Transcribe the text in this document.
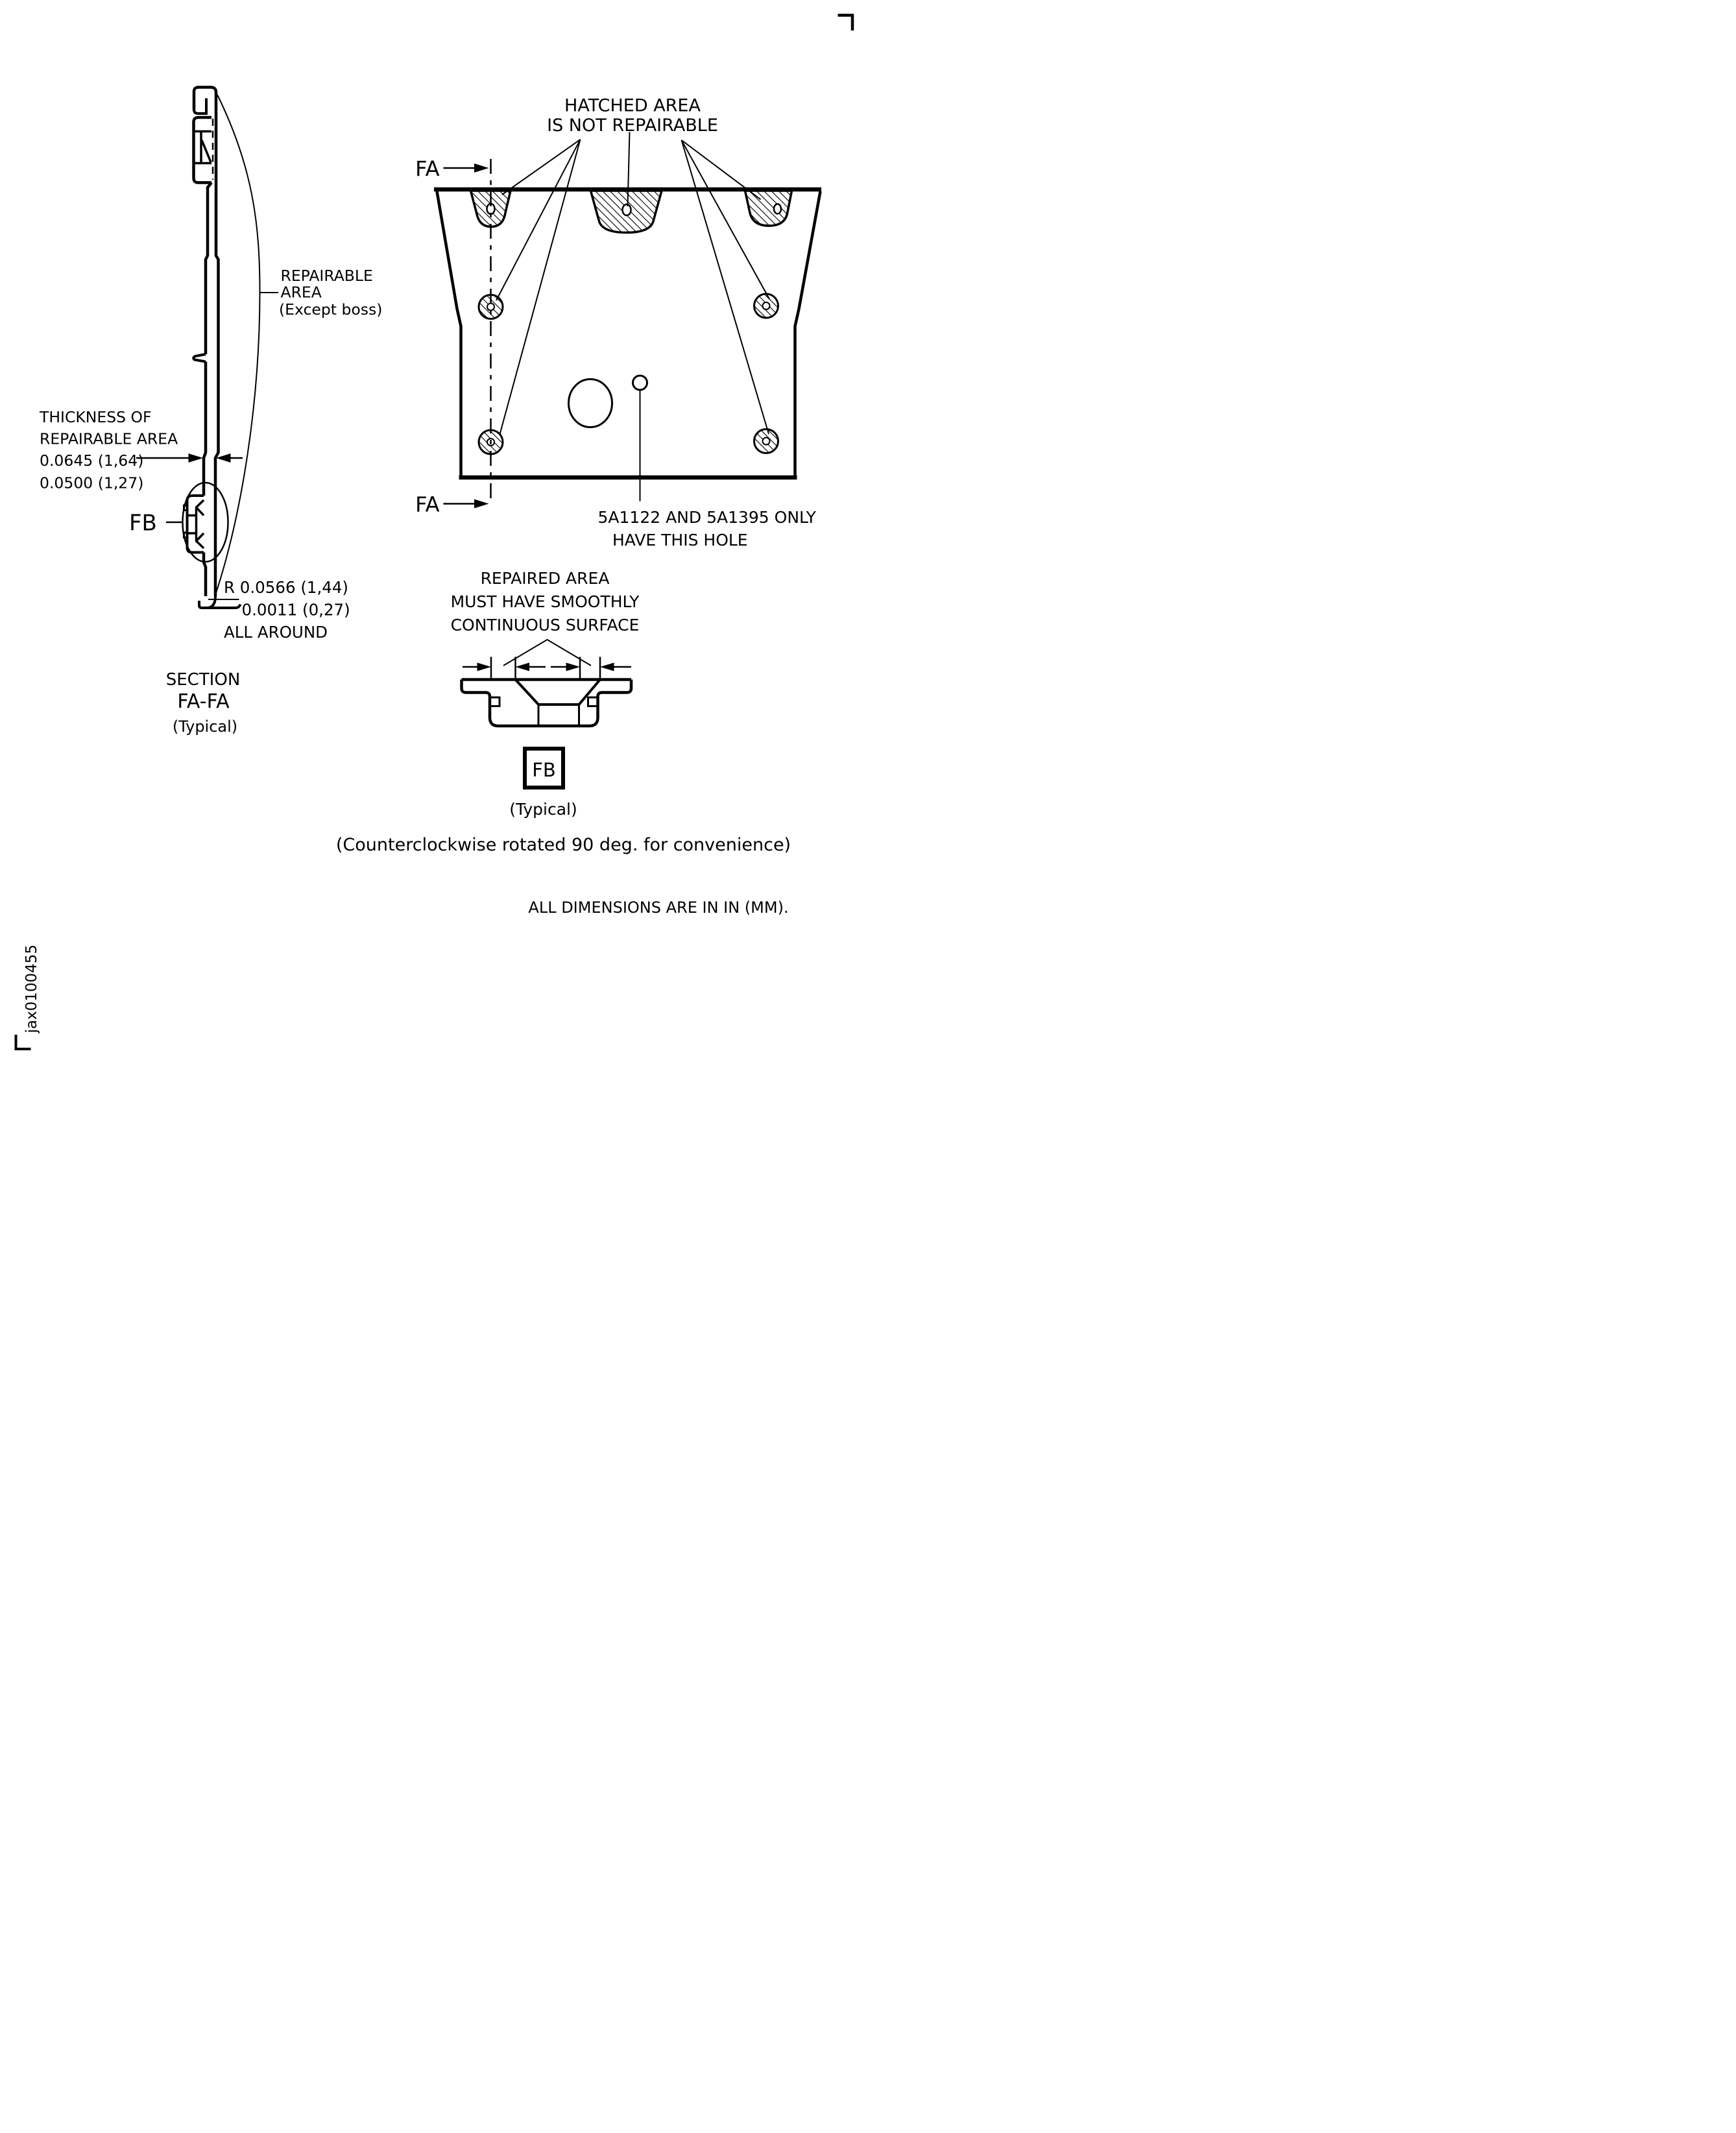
jax0100455
FB
REPAIRABLE
AREA
(Except boss)
THICKNESS OF
REPAIRABLE AREA
0.0645 (1,64)
0.0500 (1,27)
R 0.0566 (1,44)
0.0011 (0,27)
ALL AROUND
SECTION
FA-FA
(Typical)
FA
FA
HATCHED AREA
IS NOT REPAIRABLE
5A1122 AND 5A1395 ONLY
HAVE THIS HOLE
REPAIRED AREA
MUST HAVE SMOOTHLY
CONTINUOUS SURFACE
FB
(Typical)
(Counterclockwise rotated 90 deg. for convenience)
ALL DIMENSIONS ARE IN IN (MM).
